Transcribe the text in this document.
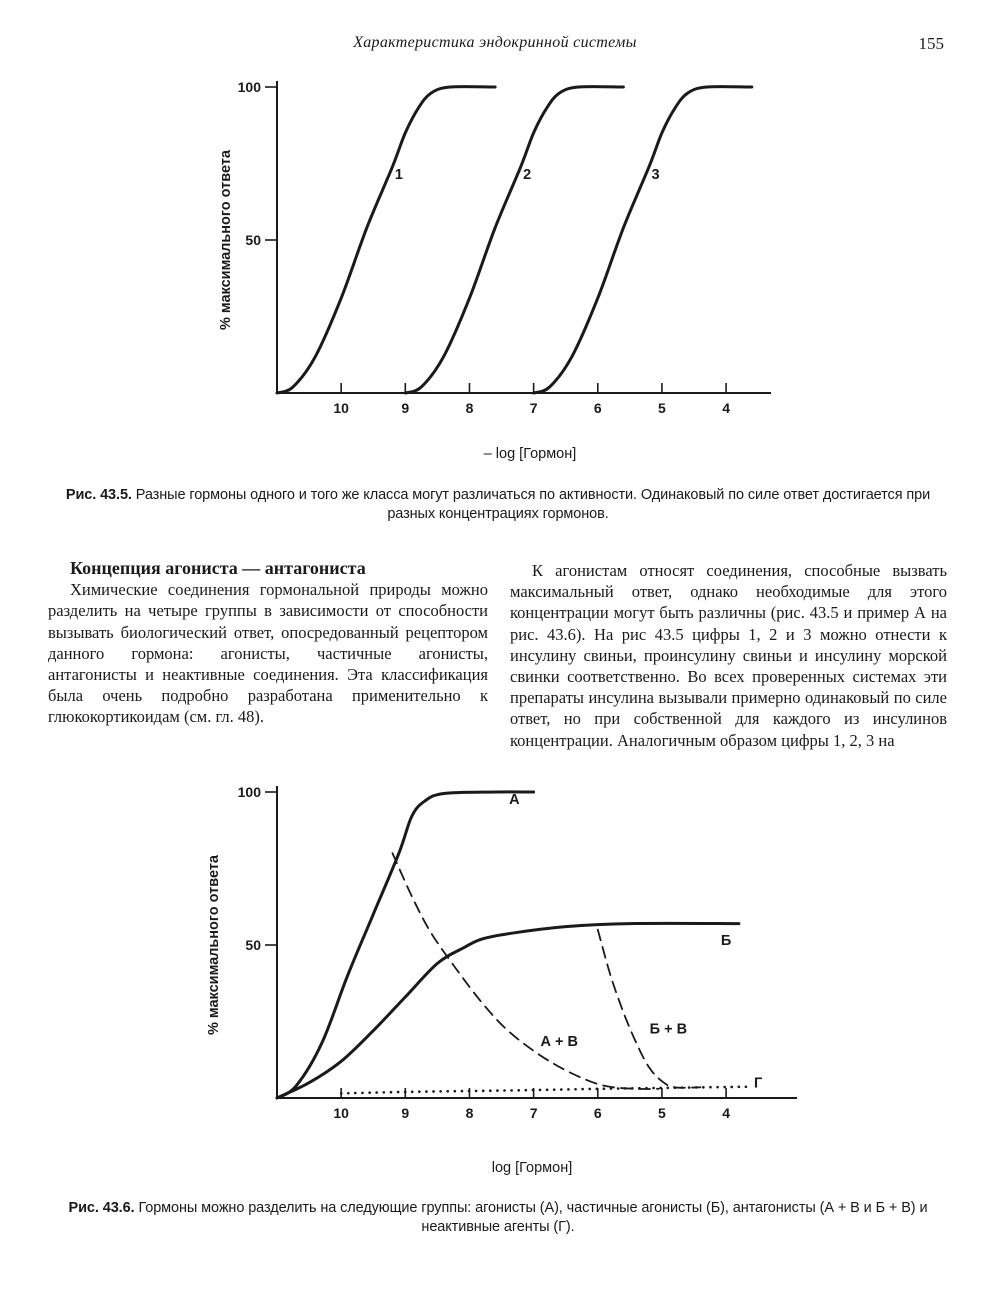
Характеристика эндокринной системы	155
100
50
10	9	8	7	6	5	4
% максимального ответа
– log [Гормон]
1	2	3
Рис. 43.5. Разные гормоны одного и того же класса могут различаться по активности. Одинаковый по силе ответ достигается при разных концентрациях гормонов.

Концепция агониста — антагониста

Химические соединения гормональной природы можно разделить на четыре группы в зависимости от способности вызывать биологический ответ, опосредованный рецептором данного гормона: агонисты, частичные агонисты, антагонисты и неактивные соединения. Эта классификация была очень подробно разработана применительно к глюкокортикоидам (см. гл. 48).

К агонистам относят соединения, способные вызвать максимальный ответ, однако необходимые для этого концентрации могут быть различны (рис. 43.5 и пример А на рис. 43.6). На рис 43.5 цифры 1, 2 и 3 можно отнести к инсулину свиньи, проинсулину свиньи и инсулину морской свинки соответственно. Во всех проверенных системах эти препараты инсулина вызывали примерно одинаковый по силе ответ, но при собственной для каждого из инсулинов концентрации. Аналогичным образом цифры 1, 2, 3 на

100
50
10	9	8	7	6	5	4
% максимального ответа
log [Гормон]
А
Б
А + В
Б + В
Г
Рис. 43.6. Гормоны можно разделить на следующие группы: агонисты (А), частичные агонисты (Б), антагонисты (А + В и Б + В) и неактивные агенты (Г).
